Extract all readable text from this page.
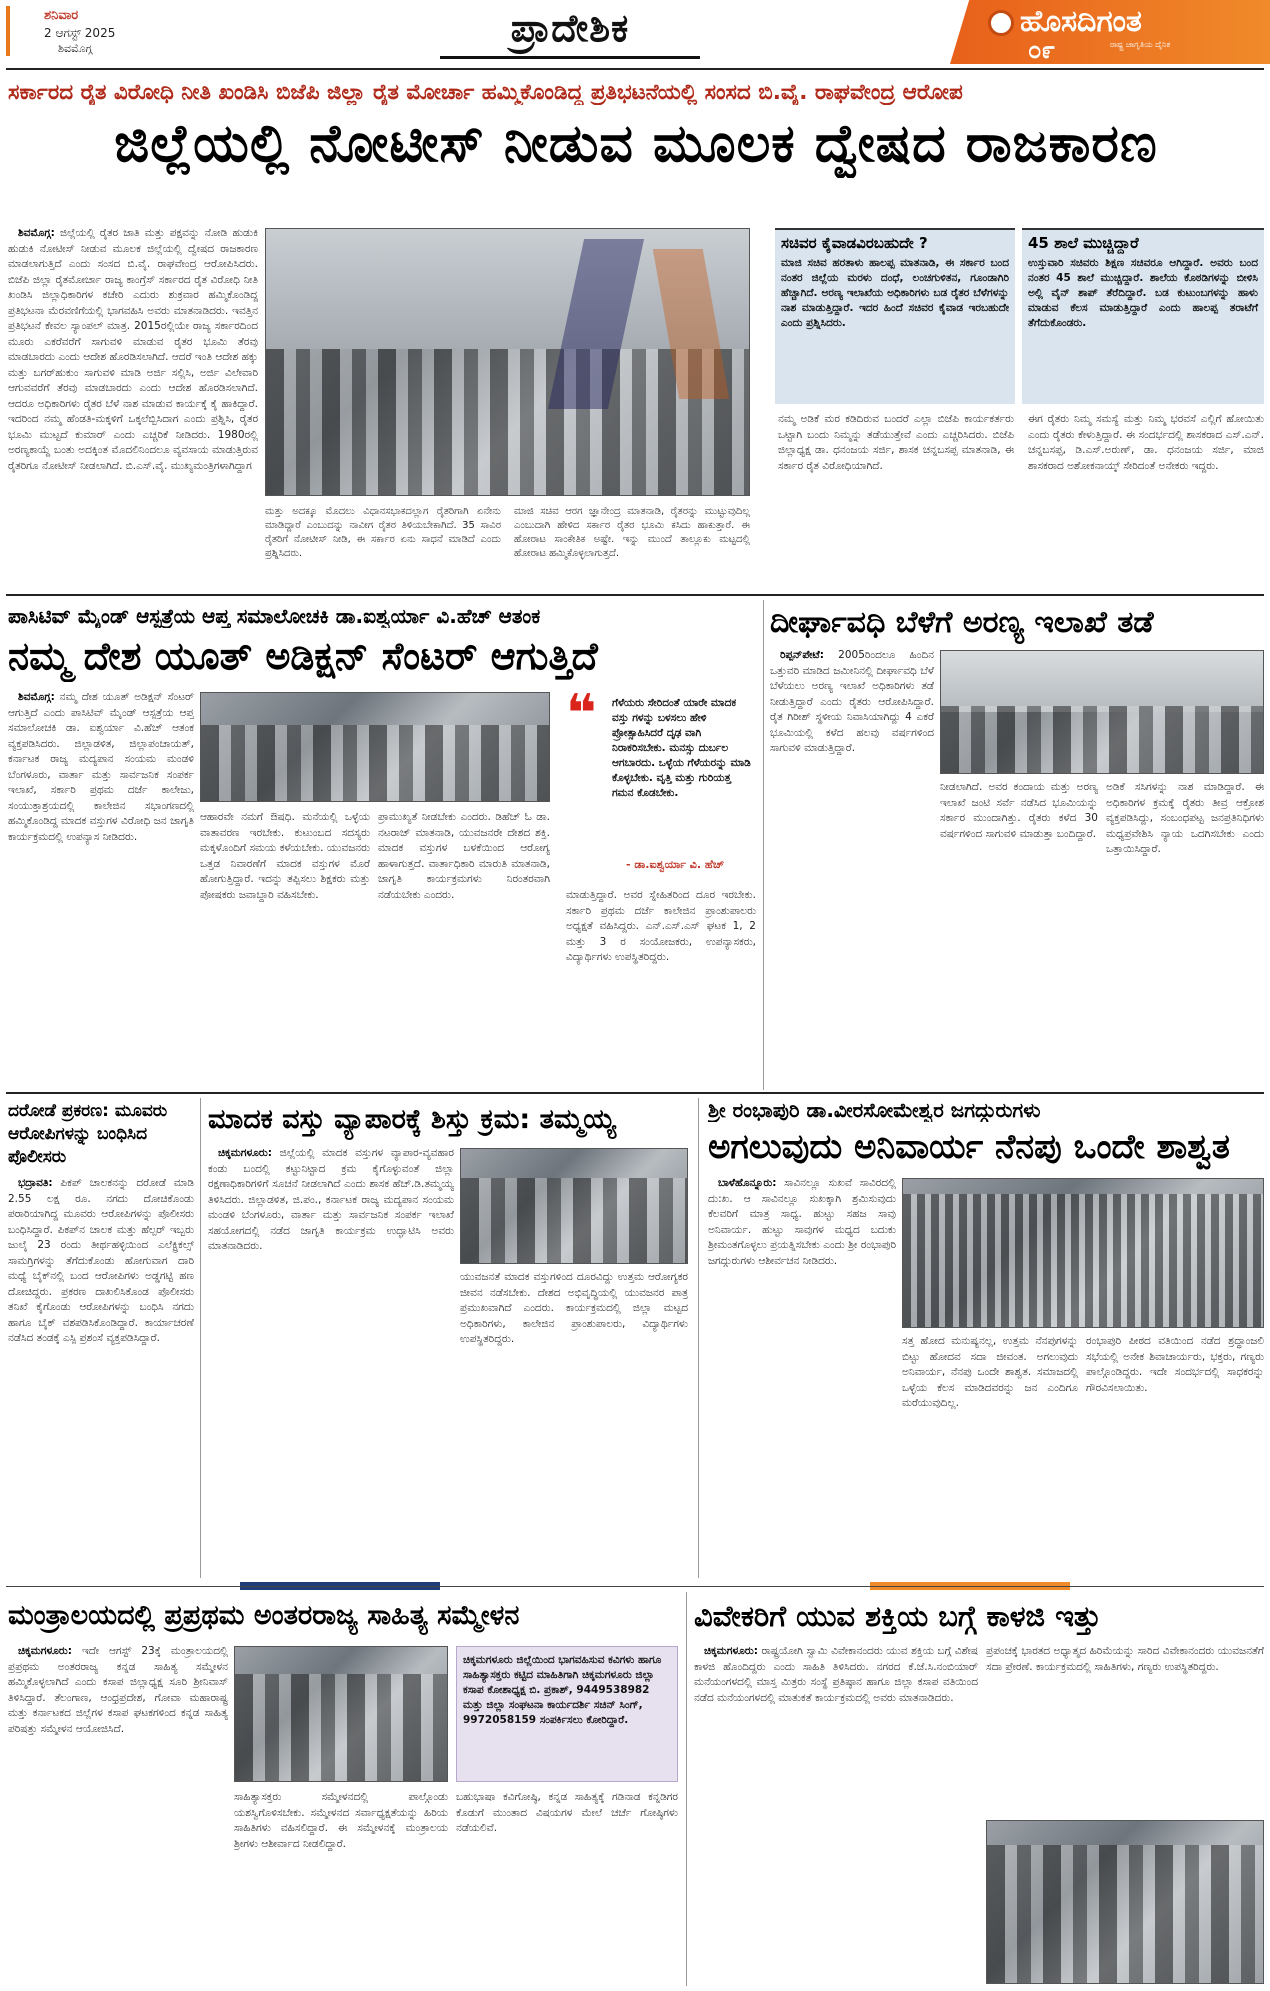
ಶನಿವಾರ
2 ಆಗಸ್ಟ್ 2025
ಶಿವಮೊಗ್ಗ	ಪ್ರಾದೇಶಿಕ	ಹೊಸದಿಗಂತ
ರಾಷ್ಟ್ರ ಜಾಗೃತಿಯ ದೈನಿಕ
೦೯
ಸರ್ಕಾರದ ರೈತ ವಿರೋಧಿ ನೀತಿ ಖಂಡಿಸಿ ಬಿಜೆಪಿ ಜಿಲ್ಲಾ ರೈತ ಮೋರ್ಚಾ ಹಮ್ಮಿಕೊಂಡಿದ್ದ ಪ್ರತಿಭಟನೆಯಲ್ಲಿ ಸಂಸದ ಬಿ.ವೈ. ರಾಘವೇಂದ್ರ ಆರೋಪ
ಜಿಲ್ಲೆಯಲ್ಲಿ ನೋಟೀಸ್ ನೀಡುವ ಮೂಲಕ ದ್ವೇಷದ ರಾಜಕಾರಣ

ಶಿವಮೊಗ್ಗ: ಜಿಲ್ಲೆಯಲ್ಲಿ ರೈತರ ಜಾತಿ ಮತ್ತು ಪಕ್ಷವನ್ನು ನೋಡಿ ಹುಡುಕಿ ಹುಡುಕಿ ನೋಟೀಸ್ ನೀಡುವ ಮೂಲಕ ಜಿಲ್ಲೆಯಲ್ಲಿ ದ್ವೇಷದ ರಾಜಕಾರಣ ಮಾಡಲಾಗುತ್ತಿದೆ ಎಂದು ಸಂಸದ ಬಿ.ವೈ. ರಾಘವೇಂದ್ರ ಆರೋಪಿಸಿದರು. ಬಿಜೆಪಿ ಜಿಲ್ಲಾ ರೈತಮೋರ್ಚಾ ರಾಜ್ಯ ಕಾಂಗ್ರೆಸ್ ಸರ್ಕಾರದ ರೈತ ವಿರೋಧಿ ನೀತಿ ಖಂಡಿಸಿ ಜಿಲ್ಲಾಧಿಕಾರಿಗಳ ಕಚೇರಿ ಎದುರು ಶುಕ್ರವಾರ ಹಮ್ಮಿಕೊಂಡಿದ್ದ ಪ್ರತಿಭಟನಾ ಮೆರವಣಿಗೆಯಲ್ಲಿ ಭಾಗವಹಿಸಿ ಅವರು ಮಾತನಾಡಿದರು. ಇವತ್ತಿನ ಪ್ರತಿಭಟನೆ ಕೇವಲ ಸ್ಯಾಂಪಲ್ ಮಾತ್ರ. 2015ರಲ್ಲಿಯೇ ರಾಜ್ಯ ಸರ್ಕಾರದಿಂದ ಮೂರು ಎಕರೆವರೆಗೆ ಸಾಗುವಳಿ ಮಾಡುವ ರೈತರ ಭೂಮಿ ತೆರವು ಮಾಡಬಾರದು ಎಂದು ಆದೇಶ ಹೊರಡಿಸಲಾಗಿದೆ. ಆದರೆ ಇಂತಿ ಆದೇಶ ಹಕ್ಕು ಮತ್ತು ಬಗರ್‌ಹುಕುಂ ಸಾಗುವಳಿ ಮಾಡಿ ಅರ್ಜಿ ಸಲ್ಲಿಸಿ, ಅರ್ಜಿ ವಿಲೇವಾರಿ ಆಗುವವರೆಗೆ ತೆರವು ಮಾಡಬಾರದು ಎಂದು ಆದೇಶ ಹೊರಡಿಸಲಾಗಿದೆ. ಆದರೂ ಅಧಿಕಾರಿಗಳು ರೈತರ ಬೆಳೆ ನಾಶ ಮಾಡುವ ಕಾರ್ಯಕ್ಕೆ ಕೈ ಹಾಕಿದ್ದಾರೆ. ಇದರಿಂದ ನಮ್ಮ ಹೆಂಡತಿ-ಮಕ್ಕಳಿಗೆ ಒಕ್ಕಲೆಬ್ಬಿಸಿದಾಗ ಎಂದು ಪ್ರಶ್ನಿಸಿ, ರೈತರ ಭೂಮಿ ಮುಟ್ಟದೆ ಕುಮಾರ್ ಎಂದು ಎಚ್ಚರಿಕೆ ನೀಡಿದರು. 1980ರಲ್ಲಿ ಅರಣ್ಯಕಾಯ್ದೆ ಬಂತು ಅದಕ್ಕಿಂತ ಮೊದಲಿನಿಂದಲೂ ವ್ಯವಸಾಯ ಮಾಡುತ್ತಿರುವ ರೈತರಿಗೂ ನೋಟೀಸ್ ನೀಡಲಾಗಿದೆ. ಬಿ.ಎಸ್.ವೈ. ಮುಖ್ಯಮಂತ್ರಿಗಳಾಗಿದ್ದಾಗ

ಮತ್ತು ಅದಕ್ಕೂ ಮೊದಲು ವಿಧಾನಸಭಾಕದಲ್ಲಾಗ ರೈತರಿಗಾಗಿ ಏನೇನು ಮಾಡಿದ್ದಾರೆ ಎಂಬುದನ್ನು ನಾವೀಗ ರೈತರ ತಿಳಿಯಬೇಕಾಗಿದೆ. 35 ಸಾವಿರ ರೈತರಿಗೆ ನೋಟೀಸ್ ನೀಡಿ, ಈ ಸರ್ಕಾರ ಏನು ಸಾಧನೆ ಮಾಡಿದೆ ಎಂದು ಪ್ರಶ್ನಿಸಿದರು.
ಮಾಜಿ ಸಚಿವ ಆರಗ ಜ್ಞಾನೇಂದ್ರ ಮಾತನಾಡಿ, ರೈತರನ್ನು ಮುಟ್ಟುವುದಿಲ್ಲ ಎಂಬುದಾಗಿ ಹೇಳಿದ ಸರ್ಕಾರ ರೈತರ ಭೂಮಿ ಕಸಿದು ಹಾಕುತ್ತಾರೆ. ಈ ಹೋರಾಟ ಸಾಂಕೇತಿಕ ಅಷ್ಟೇ. ಇನ್ನು ಮುಂದೆ ತಾಲ್ಲೂಕು ಮಟ್ಟದಲ್ಲಿ ಹೋರಾಟ ಹಮ್ಮಿಕೊಳ್ಳಲಾಗುತ್ತದೆ.
ಸಚಿವರ ಕೈವಾಡವಿರಬಹುದೇ ?
ಮಾಜಿ ಸಚಿವ ಹರತಾಳು ಹಾಲಪ್ಪ ಮಾತನಾಡಿ, ಈ ಸರ್ಕಾರ ಬಂದ ನಂತರ ಜಿಲ್ಲೆಯ ಮರಳು ದಂಧೆ, ಲಂಚಗುಳಿತನ, ಗೂಂಡಾಗಿರಿ ಹೆಚ್ಚಾಗಿದೆ. ಅರಣ್ಯ ಇಲಾಖೆಯ ಅಧಿಕಾರಿಗಳು ಬಡ ರೈತರ ಬೆಳೆಗಳನ್ನು ನಾಶ ಮಾಡುತ್ತಿದ್ದಾರೆ. ಇದರ ಹಿಂದೆ ಸಚಿವರ ಕೈವಾಡ ಇರಬಹುದೇ ಎಂದು ಪ್ರಶ್ನಿಸಿದರು.
45 ಶಾಲೆ ಮುಚ್ಚಿದ್ದಾರೆ
ಉಸ್ತುವಾರಿ ಸಚಿವರು ಶಿಕ್ಷಣ ಸಚಿವರೂ ಆಗಿದ್ದಾರೆ. ಅವರು ಬಂದ ನಂತರ 45 ಶಾಲೆ ಮುಚ್ಚಿದ್ದಾರೆ. ಶಾಲೆಯ ಕೊಠಡಿಗಳನ್ನು ಬೀಳಿಸಿ ಅಲ್ಲಿ ವೈನ್ ಶಾಪ್ ತೆರೆದಿದ್ದಾರೆ. ಬಡ ಕುಟುಂಬಗಳನ್ನು ಹಾಳು ಮಾಡುವ ಕೆಲಸ ಮಾಡುತ್ತಿದ್ದಾರೆ ಎಂದು ಹಾಲಪ್ಪ ತರಾಟೆಗೆ ತೆಗೆದುಕೊಂಡರು.
ನಮ್ಮ ಅಡಿಕೆ ಮರ ಕಡಿದಿರುವ ಬಂದರೆ ಎಲ್ಲಾ ಬಿಜೆಪಿ ಕಾರ್ಯಕರ್ತರು ಒಟ್ಟಾಗಿ ಬಂದು ನಿಮ್ಮನ್ನು ತಡೆಯುತ್ತೇವೆ ಎಂದು ಎಚ್ಚರಿಸಿದರು. ಬಿಜೆಪಿ ಜಿಲ್ಲಾಧ್ಯಕ್ಷ ಡಾ. ಧನಂಜಯ ಸರ್ಜಿ, ಶಾಸಕ ಚನ್ನಬಸಪ್ಪ ಮಾತನಾಡಿ, ಈ ಸರ್ಕಾರ ರೈತ ವಿರೋಧಿಯಾಗಿದೆ.
ಈಗ ರೈತರು ನಿಮ್ಮ ಸಮಸ್ಯೆ ಮತ್ತು ನಿಮ್ಮ ಭರವಸೆ ಎಲ್ಲಿಗೆ ಹೋಯಿತು ಎಂದು ರೈತರು ಕೇಳುತ್ತಿದ್ದಾರೆ. ಈ ಸಂದರ್ಭದಲ್ಲಿ ಶಾಸಕರಾದ ಎಸ್.ಎನ್. ಚನ್ನಬಸಪ್ಪ, ಡಿ.ಎಸ್.ಅರುಣ್, ಡಾ. ಧನಂಜಯ ಸರ್ಜಿ, ಮಾಜಿ ಶಾಸಕರಾದ ಅಶೋಕನಾಯ್ಕ್ ಸೇರಿದಂತೆ ಅನೇಕರು ಇದ್ದರು.
ಪಾಸಿಟಿವ್ ಮೈಂಡ್ ಆಸ್ಪತ್ರೆಯ ಆಪ್ತ ಸಮಾಲೋಚಕಿ ಡಾ.ಐಶ್ವರ್ಯಾ ವಿ.ಹೆಚ್ ಆತಂಕ
ನಮ್ಮ ದೇಶ ಯೂತ್ ಅಡಿಕ್ಷನ್ ಸೆಂಟರ್ ಆಗುತ್ತಿದೆ

ಶಿವಮೊಗ್ಗ: ನಮ್ಮ ದೇಶ ಯೂತ್ ಅಡಿಕ್ಷನ್ ಸೆಂಟರ್ ಆಗುತ್ತಿದೆ ಎಂದು ಪಾಸಿಟಿವ್ ಮೈಂಡ್ ಆಸ್ಪತ್ರೆಯ ಆಪ್ತ ಸಮಾಲೋಚಕಿ ಡಾ. ಐಶ್ವರ್ಯಾ ವಿ.ಹೆಚ್ ಆತಂಕ ವ್ಯಕ್ತಪಡಿಸಿದರು. ಜಿಲ್ಲಾಡಳಿತ, ಜಿಲ್ಲಾಪಂಚಾಯತ್, ಕರ್ನಾಟಕ ರಾಜ್ಯ ಮದ್ಯಪಾನ ಸಂಯಮ ಮಂಡಳಿ ಬೆಂಗಳೂರು, ವಾರ್ತಾ ಮತ್ತು ಸಾರ್ವಜನಿಕ ಸಂಪರ್ಕ ಇಲಾಖೆ, ಸರ್ಕಾರಿ ಪ್ರಥಮ ದರ್ಜೆ ಕಾಲೇಜು, ಸಂಯುಕ್ತಾಶ್ರಯದಲ್ಲಿ ಕಾಲೇಜಿನ ಸಭಾಂಗಣದಲ್ಲಿ ಹಮ್ಮಿಕೊಂಡಿದ್ದ ಮಾದಕ ವಸ್ತುಗಳ ವಿರೋಧಿ ಜನ ಜಾಗೃತಿ ಕಾರ್ಯಕ್ರಮದಲ್ಲಿ ಉಪನ್ಯಾಸ ನೀಡಿದರು.

❝ ಗೆಳೆಯರು ಸೇರಿದಂತೆ ಯಾರೇ ಮಾದಕ ವಸ್ತು ಗಳನ್ನು ಬಳಸಲು ಹೇಳಿ ಪ್ರೋತ್ಸಾಹಿಸಿದರೆ ದೃಢ ವಾಗಿ ನಿರಾಕರಿಸಬೇಕು. ಮನಸ್ಸು ದುರ್ಬಲ ಆಗಬಾರದು. ಒಳ್ಳೆಯ ಗೆಳೆಯರನ್ನು ಮಾಡಿ ಕೊಳ್ಳಬೇಕು. ವೃತ್ತಿ ಮತ್ತು ಗುರಿಯತ್ತ ಗಮನ ಕೊಡಬೇಕು.
- ಡಾ.ಐಶ್ವರ್ಯಾ ವಿ. ಹೆಚ್
ಆಹಾರವೇ ನಮಗೆ ಔಷಧಿ. ಮನೆಯಲ್ಲಿ ಒಳ್ಳೆಯ ವಾತಾವರಣ ಇರಬೇಕು. ಕುಟುಂಬದ ಸದಸ್ಯರು ಮಕ್ಕಳೊಂದಿಗೆ ಸಮಯ ಕಳೆಯಬೇಕು. ಯುವಜನರು ಒತ್ತಡ ನಿವಾರಣೆಗೆ ಮಾದಕ ವಸ್ತುಗಳ ಮೊರೆ ಹೋಗುತ್ತಿದ್ದಾರೆ. ಇದನ್ನು ತಪ್ಪಿಸಲು ಶಿಕ್ಷಕರು ಮತ್ತು ಪೋಷಕರು ಜವಾಬ್ದಾರಿ ವಹಿಸಬೇಕು.
ಪ್ರಾಮುಖ್ಯತೆ ನೀಡಬೇಕು ಎಂದರು. ಡಿಹೆಚ್ ಓ ಡಾ. ನಟರಾಜ್ ಮಾತನಾಡಿ, ಯುವಜನರೇ ದೇಶದ ಶಕ್ತಿ. ಮಾದಕ ವಸ್ತುಗಳ ಬಳಕೆಯಿಂದ ಆರೋಗ್ಯ ಹಾಳಾಗುತ್ತದೆ. ವಾರ್ತಾಧಿಕಾರಿ ಮಾರುತಿ ಮಾತನಾಡಿ, ಜಾಗೃತಿ ಕಾರ್ಯಕ್ರಮಗಳು ನಿರಂತರವಾಗಿ ನಡೆಯಬೇಕು ಎಂದರು.	ಮಾಡುತ್ತಿದ್ದಾರೆ. ಅವರ ಸ್ನೇಹಿತರಿಂದ ದೂರ ಇರಬೇಕು. ಸರ್ಕಾರಿ ಪ್ರಥಮ ದರ್ಜೆ ಕಾಲೇಜಿನ ಪ್ರಾಂಶುಪಾಲರು ಅಧ್ಯಕ್ಷತೆ ವಹಿಸಿದ್ದರು. ಎನ್.ಎಸ್.ಎಸ್ ಘಟಕ 1, 2 ಮತ್ತು 3 ರ ಸಂಯೋಜಕರು, ಉಪನ್ಯಾಸಕರು, ವಿದ್ಯಾರ್ಥಿಗಳು ಉಪಸ್ಥಿತರಿದ್ದರು.
ದೀರ್ಘಾವಧಿ ಬೆಳೆಗೆ ಅರಣ್ಯ ಇಲಾಖೆ ತಡೆ

ರಿಪ್ಪನ್‌ಪೇಟೆ: 2005ರಿಂದಲೂ ಹಿಂದಿನ ಒತ್ತುವರಿ ಮಾಡಿದ ಜಮೀನಿನಲ್ಲಿ ದೀರ್ಘಾವಧಿ ಬೆಳೆ ಬೆಳೆಯಲು ಅರಣ್ಯ ಇಲಾಖೆ ಅಧಿಕಾರಿಗಳು ತಡೆ ನೀಡುತ್ತಿದ್ದಾರೆ ಎಂದು ರೈತರು ಆರೋಪಿಸಿದ್ದಾರೆ. ರೈತ ಗಿರೀಶ್ ಸ್ಥಳೀಯ ನಿವಾಸಿಯಾಗಿದ್ದು 4 ಎಕರೆ ಭೂಮಿಯಲ್ಲಿ ಕಳೆದ ಹಲವು ವರ್ಷಗಳಿಂದ ಸಾಗುವಳಿ ಮಾಡುತ್ತಿದ್ದಾರೆ.

ನೀಡಲಾಗಿದೆ. ಅವರ ಕಂದಾಯ ಮತ್ತು ಅರಣ್ಯ ಇಲಾಖೆ ಜಂಟಿ ಸರ್ವೆ ನಡೆಸಿದ ಭೂಮಿಯನ್ನು ಸರ್ಕಾರ ಮುಂದಾಗಿತ್ತು. ರೈತರು ಕಳೆದ 30 ವರ್ಷಗಳಿಂದ ಸಾಗುವಳಿ ಮಾಡುತ್ತಾ ಬಂದಿದ್ದಾರೆ.
ಅಡಿಕೆ ಸಸಿಗಳನ್ನು ನಾಶ ಮಾಡಿದ್ದಾರೆ. ಈ ಅಧಿಕಾರಿಗಳ ಕ್ರಮಕ್ಕೆ ರೈತರು ತೀವ್ರ ಆಕ್ರೋಶ ವ್ಯಕ್ತಪಡಿಸಿದ್ದು, ಸಂಬಂಧಪಟ್ಟ ಜನಪ್ರತಿನಿಧಿಗಳು ಮಧ್ಯಪ್ರವೇಶಿಸಿ ನ್ಯಾಯ ಒದಗಿಸಬೇಕು ಎಂದು ಒತ್ತಾಯಿಸಿದ್ದಾರೆ.
ದರೋಡೆ ಪ್ರಕರಣ: ಮೂವರು ಆರೋಪಿಗಳನ್ನು ಬಂಧಿಸಿದ ಪೊಲೀಸರು

ಭದ್ರಾವತಿ: ಪಿಕಪ್ ಚಾಲಕನನ್ನು ದರೋಡೆ ಮಾಡಿ 2.55 ಲಕ್ಷ ರೂ. ನಗದು ದೋಚಿಕೊಂಡು ಪರಾರಿಯಾಗಿದ್ದ ಮೂವರು ಆರೋಪಿಗಳನ್ನು ಪೊಲೀಸರು ಬಂಧಿಸಿದ್ದಾರೆ. ಪಿಕಪ್‌ನ ಚಾಲಕ ಮತ್ತು ಹೆಲ್ಪರ್ ಇಬ್ಬರು ಜುಲೈ 23 ರಂದು ತೀರ್ಥಹಳ್ಳಿಯಿಂದ ಎಲೆಕ್ಟ್ರಿಕಲ್ಸ್ ಸಾಮಗ್ರಿಗಳನ್ನು ತೆಗೆದುಕೊಂಡು ಹೋಗುವಾಗ ದಾರಿ ಮಧ್ಯೆ ಬೈಕ್‌ನಲ್ಲಿ ಬಂದ ಆರೋಪಿಗಳು ಅಡ್ಡಗಟ್ಟಿ ಹಣ ದೋಚಿದ್ದರು. ಪ್ರಕರಣ ದಾಖಲಿಸಿಕೊಂಡ ಪೊಲೀಸರು ತನಿಖೆ ಕೈಗೊಂಡು ಆರೋಪಿಗಳನ್ನು ಬಂಧಿಸಿ ನಗದು ಹಾಗೂ ಬೈಕ್ ವಶಪಡಿಸಿಕೊಂಡಿದ್ದಾರೆ. ಕಾರ್ಯಾಚರಣೆ ನಡೆಸಿದ ತಂಡಕ್ಕೆ ಎಸ್ಪಿ ಪ್ರಶಂಸೆ ವ್ಯಕ್ತಪಡಿಸಿದ್ದಾರೆ.

ಮಾದಕ ವಸ್ತು ವ್ಯಾಪಾರಕ್ಕೆ ಶಿಸ್ತು ಕ್ರಮ: ತಮ್ಮಯ್ಯ

ಚಿಕ್ಕಮಗಳೂರು: ಜಿಲ್ಲೆಯಲ್ಲಿ ಮಾದಕ ವಸ್ತುಗಳ ವ್ಯಾಪಾರ-ವ್ಯವಹಾರ ಕಂಡು ಬಂದಲ್ಲಿ ಕಟ್ಟುನಿಟ್ಟಾದ ಕ್ರಮ ಕೈಗೊಳ್ಳುವಂತೆ ಜಿಲ್ಲಾ ರಕ್ಷಣಾಧಿಕಾರಿಗಳಿಗೆ ಸೂಚನೆ ನೀಡಲಾಗಿದೆ ಎಂದು ಶಾಸಕ ಹೆಚ್.ಡಿ.ತಮ್ಮಯ್ಯ ತಿಳಿಸಿದರು. ಜಿಲ್ಲಾಡಳಿತ, ಜಿ.ಪಂ., ಕರ್ನಾಟಕ ರಾಜ್ಯ ಮದ್ಯಪಾನ ಸಂಯಮ ಮಂಡಳಿ ಬೆಂಗಳೂರು, ವಾರ್ತಾ ಮತ್ತು ಸಾರ್ವಜನಿಕ ಸಂಪರ್ಕ ಇಲಾಖೆ ಸಹಯೋಗದಲ್ಲಿ ನಡೆದ ಜಾಗೃತಿ ಕಾರ್ಯಕ್ರಮ ಉದ್ಘಾಟಿಸಿ ಅವರು ಮಾತನಾಡಿದರು.

ಯುವಜನತೆ ಮಾದಕ ವಸ್ತುಗಳಿಂದ ದೂರವಿದ್ದು ಉತ್ತಮ ಆರೋಗ್ಯಕರ ಜೀವನ ನಡೆಸಬೇಕು. ದೇಶದ ಅಭಿವೃದ್ಧಿಯಲ್ಲಿ ಯುವಜನರ ಪಾತ್ರ ಪ್ರಮುಖವಾಗಿದೆ ಎಂದರು. ಕಾರ್ಯಕ್ರಮದಲ್ಲಿ ಜಿಲ್ಲಾ ಮಟ್ಟದ ಅಧಿಕಾರಿಗಳು, ಕಾಲೇಜಿನ ಪ್ರಾಂಶುಪಾಲರು, ವಿದ್ಯಾರ್ಥಿಗಳು ಉಪಸ್ಥಿತರಿದ್ದರು.
ಶ್ರೀ ರಂಭಾಪುರಿ ಡಾ.ವೀರಸೋಮೇಶ್ವರ ಜಗದ್ಗುರುಗಳು
ಅಗಲುವುದು ಅನಿವಾರ್ಯ ನೆನಪು ಒಂದೇ ಶಾಶ್ವತ

ಬಾಳೆಹೊನ್ನೂರು: ಸಾವಿನಲ್ಲೂ ಸುಖವೆ ಸಾವಿರದಲ್ಲಿ ದು:ಖ. ಆ ಸಾವಿನಲ್ಲೂ ಸುಖಕ್ಕಾಗಿ ಶ್ರಮಿಸುವುದು ಕೆಲವರಿಗೆ ಮಾತ್ರ ಸಾಧ್ಯ. ಹುಟ್ಟು ಸಹಜ ಸಾವು ಅನಿವಾರ್ಯ. ಹುಟ್ಟು ಸಾವುಗಳ ಮಧ್ಯದ ಬದುಕು ಶ್ರೀಮಂತಗೊಳ್ಳಲು ಪ್ರಯತ್ನಿಸಬೇಕು ಎಂದು ಶ್ರೀ ರಂಭಾಪುರಿ ಜಗದ್ಗುರುಗಳು ಆಶೀರ್ವಚನ ನೀಡಿದರು.

ಸತ್ತ ಹೋದ ಮನುಷ್ಯನಲ್ಲ, ಉತ್ತಮ ನೆನಪುಗಳನ್ನು ಬಿಟ್ಟು ಹೋದವ ಸದಾ ಜೀವಂತ. ಅಗಲುವುದು ಅನಿವಾರ್ಯ, ನೆನಪು ಒಂದೇ ಶಾಶ್ವತ. ಸಮಾಜದಲ್ಲಿ ಒಳ್ಳೆಯ ಕೆಲಸ ಮಾಡಿದವರನ್ನು ಜನ ಎಂದಿಗೂ ಮರೆಯುವುದಿಲ್ಲ.
ರಂಭಾಪುರಿ ಪೀಠದ ವತಿಯಿಂದ ನಡೆದ ಶ್ರದ್ಧಾಂಜಲಿ ಸಭೆಯಲ್ಲಿ ಅನೇಕ ಶಿವಾಚಾರ್ಯರು, ಭಕ್ತರು, ಗಣ್ಯರು ಪಾಲ್ಗೊಂಡಿದ್ದರು. ಇದೇ ಸಂದರ್ಭದಲ್ಲಿ ಸಾಧಕರನ್ನು ಗೌರವಿಸಲಾಯಿತು.
ಮಂತ್ರಾಲಯದಲ್ಲಿ ಪ್ರಪ್ರಥಮ ಅಂತರರಾಜ್ಯ ಸಾಹಿತ್ಯ ಸಮ್ಮೇಳನ

ಚಿಕ್ಕಮಗಳೂರು: ಇದೇ ಆಗಸ್ಟ್ 23ಕ್ಕೆ ಮಂತ್ರಾಲಯದಲ್ಲಿ ಪ್ರಪ್ರಥಮ ಅಂತರರಾಜ್ಯ ಕನ್ನಡ ಸಾಹಿತ್ಯ ಸಮ್ಮೇಳನ ಹಮ್ಮಿಕೊಳ್ಳಲಾಗಿದೆ ಎಂದು ಕಸಾಪ ಜಿಲ್ಲಾಧ್ಯಕ್ಷ ಸೂರಿ ಶ್ರೀನಿವಾಸ್ ತಿಳಿಸಿದ್ದಾರೆ. ತೆಲಂಗಾಣ, ಆಂಧ್ರಪ್ರದೇಶ, ಗೋವಾ ಮಹಾರಾಷ್ಟ್ರ ಮತ್ತು ಕರ್ನಾಟಕದ ಜಿಲ್ಲೆಗಳ ಕಸಾಪ ಘಟಕಗಳಿಂದ ಕನ್ನಡ ಸಾಹಿತ್ಯ ಪರಿಷತ್ತು ಸಮ್ಮೇಳನ ಆಯೋಜಿಸಿದೆ.

ಚಿಕ್ಕಮಗಳೂರು ಜಿಲ್ಲೆಯಿಂದ ಭಾಗವಹಿಸುವ ಕವಿಗಳು ಹಾಗೂ ಸಾಹಿತ್ಯಾಸಕ್ತರು ಕಟ್ಟಿದ ಮಾಹಿತಿಗಾಗಿ ಚಿಕ್ಕಮಗಳೂರು ಜಿಲ್ಲಾ ಕಸಾಪ ಕೋಶಾಧ್ಯಕ್ಷ ಬಿ. ಪ್ರಕಾಶ್, 9449538982 ಮತ್ತು ಜಿಲ್ಲಾ ಸಂಘಟನಾ ಕಾರ್ಯದರ್ಶಿ ಸಚಿನ್ ಸಿಂಗ್, 9972058159 ಸಂಪರ್ಕಿಸಲು ಕೋರಿದ್ದಾರೆ.
ಸಾಹಿತ್ಯಾಸಕ್ತರು ಸಮ್ಮೇಳನದಲ್ಲಿ ಪಾಲ್ಗೊಂಡು ಯಶಸ್ವಿಗೊಳಿಸಬೇಕು. ಸಮ್ಮೇಳನದ ಸರ್ವಾಧ್ಯಕ್ಷತೆಯನ್ನು ಹಿರಿಯ ಸಾಹಿತಿಗಳು ವಹಿಸಲಿದ್ದಾರೆ. ಈ ಸಮ್ಮೇಳನಕ್ಕೆ ಮಂತ್ರಾಲಯ ಶ್ರೀಗಳು ಆಶೀರ್ವಾದ ನೀಡಲಿದ್ದಾರೆ.
ಬಹುಭಾಷಾ ಕವಿಗೋಷ್ಠಿ, ಕನ್ನಡ ಸಾಹಿತ್ಯಕ್ಕೆ ಗಡಿನಾಡ ಕನ್ನಡಿಗರ ಕೊಡುಗೆ ಮುಂತಾದ ವಿಷಯಗಳ ಮೇಲೆ ಚರ್ಚೆ ಗೋಷ್ಠಿಗಳು ನಡೆಯಲಿವೆ.
ವಿವೇಕರಿಗೆ ಯುವ ಶಕ್ತಿಯ ಬಗ್ಗೆ ಕಾಳಜಿ ಇತ್ತು

ಚಿಕ್ಕಮಗಳೂರು: ರಾಷ್ಟ್ರಯೋಗಿ ಸ್ವಾಮಿ ವಿವೇಕಾನಂದರು ಯುವ ಶಕ್ತಿಯ ಬಗ್ಗೆ ವಿಶೇಷ ಕಾಳಜಿ ಹೊಂದಿದ್ದರು ಎಂದು ಸಾಹಿತಿ ತಿಳಿಸಿದರು. ನಗರದ ಕೆ.ಜೆ.ಸಿ.ನಂಬಿಯಾರ್ ಮನೆಯಂಗಳದಲ್ಲಿ ಮಾಸ್ತ ಮಿತ್ರರು ಸಂಸ್ಥೆ ಪ್ರತಿಷ್ಠಾನ ಹಾಗೂ ಜಿಲ್ಲಾ ಕಸಾಪ ವತಿಯಿಂದ ನಡೆದ ಮನೆಯಂಗಳದಲ್ಲಿ ಮಾತುಕತೆ ಕಾರ್ಯಕ್ರಮದಲ್ಲಿ ಅವರು ಮಾತನಾಡಿದರು.

ಪ್ರಪಂಚಕ್ಕೆ ಭಾರತದ ಅಧ್ಯಾತ್ಮದ ಹಿರಿಮೆಯನ್ನು ಸಾರಿದ ವಿವೇಕಾನಂದರು ಯುವಜನತೆಗೆ ಸದಾ ಪ್ರೇರಣೆ. ಕಾರ್ಯಕ್ರಮದಲ್ಲಿ ಸಾಹಿತಿಗಳು, ಗಣ್ಯರು ಉಪಸ್ಥಿತರಿದ್ದರು.
